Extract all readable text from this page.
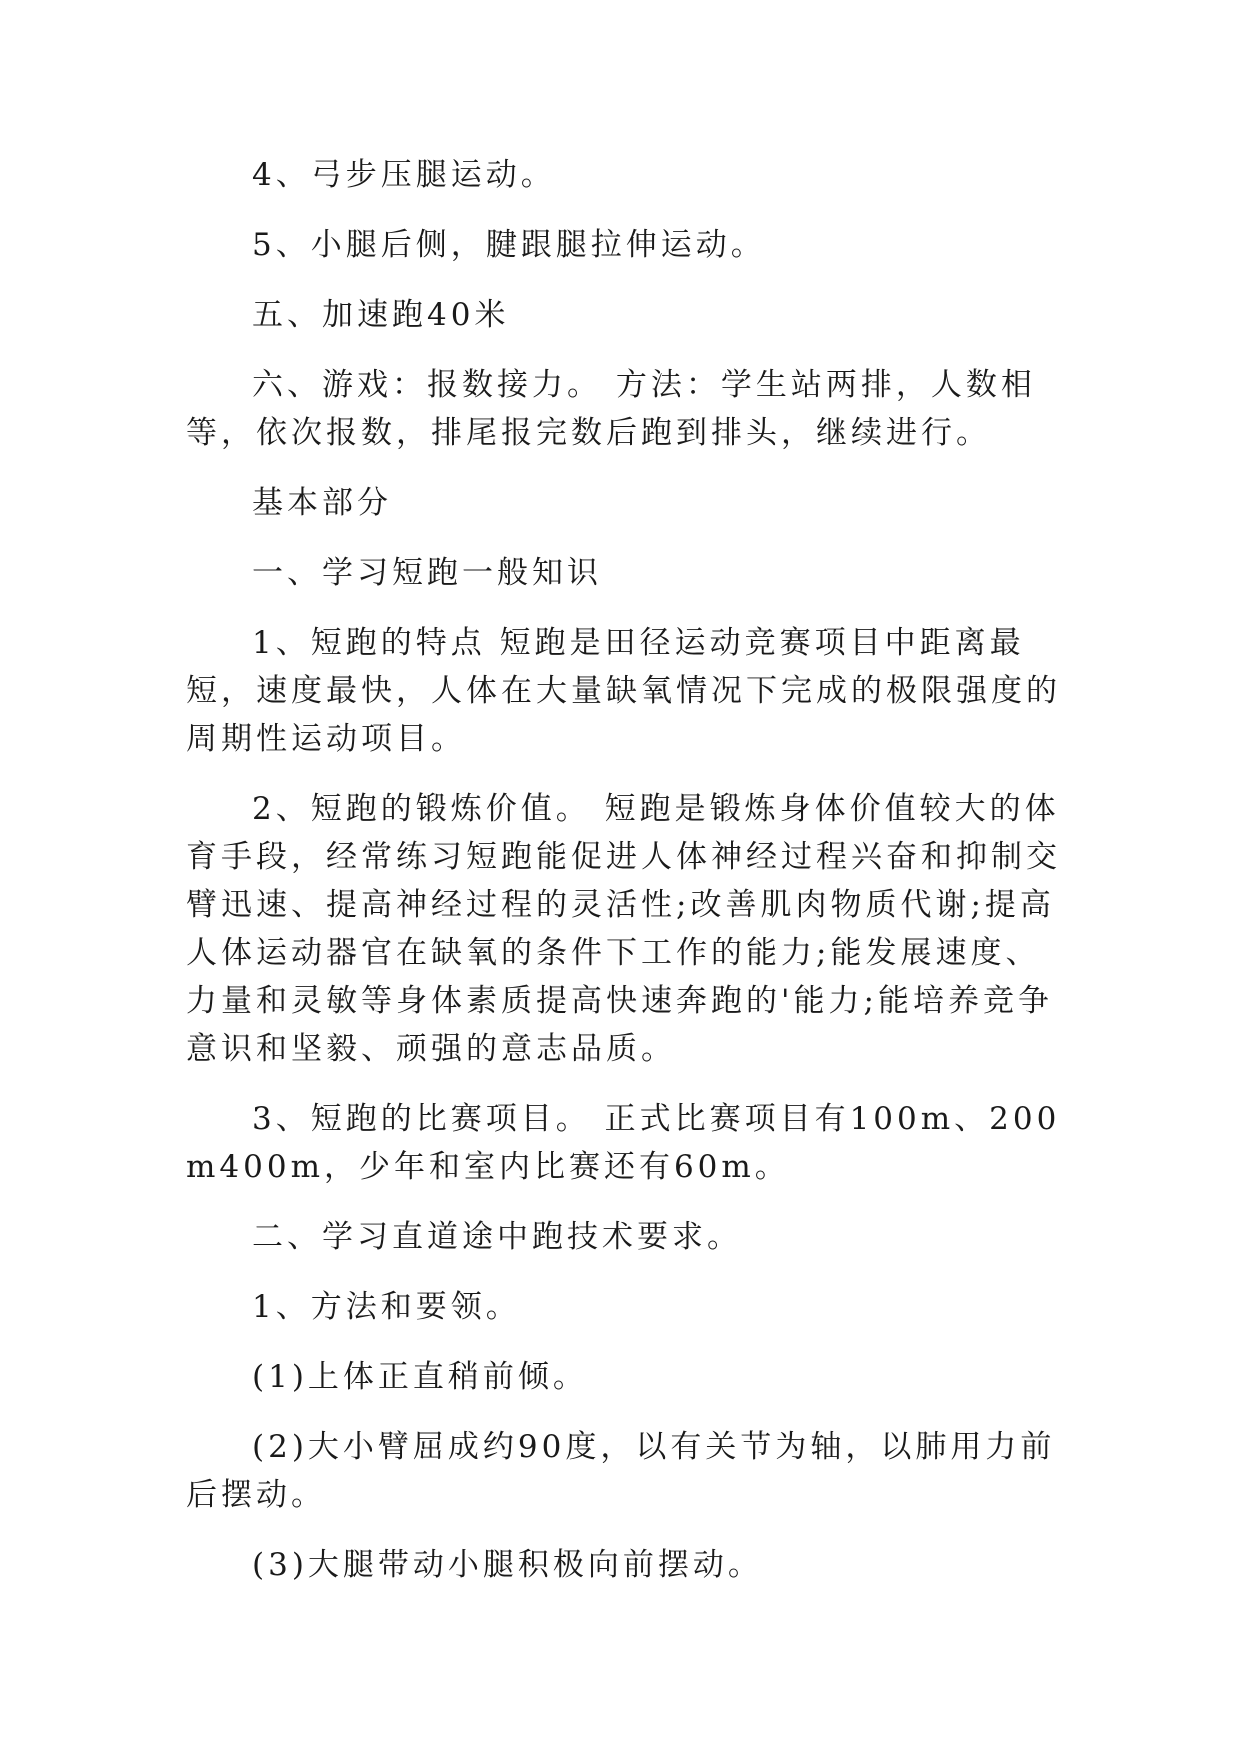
4、弓步压腿运动。

5、小腿后侧，腱跟腿拉伸运动。

五、加速跑40米

六、游戏：报数接力。 方法：学生站两排，人数相等，依次报数，排尾报完数后跑到排头，继续进行。

基本部分

一、学习短跑一般知识

1、短跑的特点 短跑是田径运动竞赛项目中距离最短，速度最快，人体在大量缺氧情况下完成的极限强度的周期性运动项目。

2、短跑的锻炼价值。 短跑是锻炼身体价值较大的体育手段，经常练习短跑能促进人体神经过程兴奋和抑制交臂迅速、提高神经过程的灵活性;改善肌肉物质代谢;提高人体运动器官在缺氧的条件下工作的能力;能发展速度、力量和灵敏等身体素质提高快速奔跑的'能力;能培养竞争意识和坚毅、顽强的意志品质。

3、短跑的比赛项目。 正式比赛项目有100m、200m400m，少年和室内比赛还有60m。

二、学习直道途中跑技术要求。

1、方法和要领。

(1)上体正直稍前倾。

(2)大小臂屈成约90度，以有关节为轴，以肺用力前后摆动。

(3)大腿带动小腿积极向前摆动。
